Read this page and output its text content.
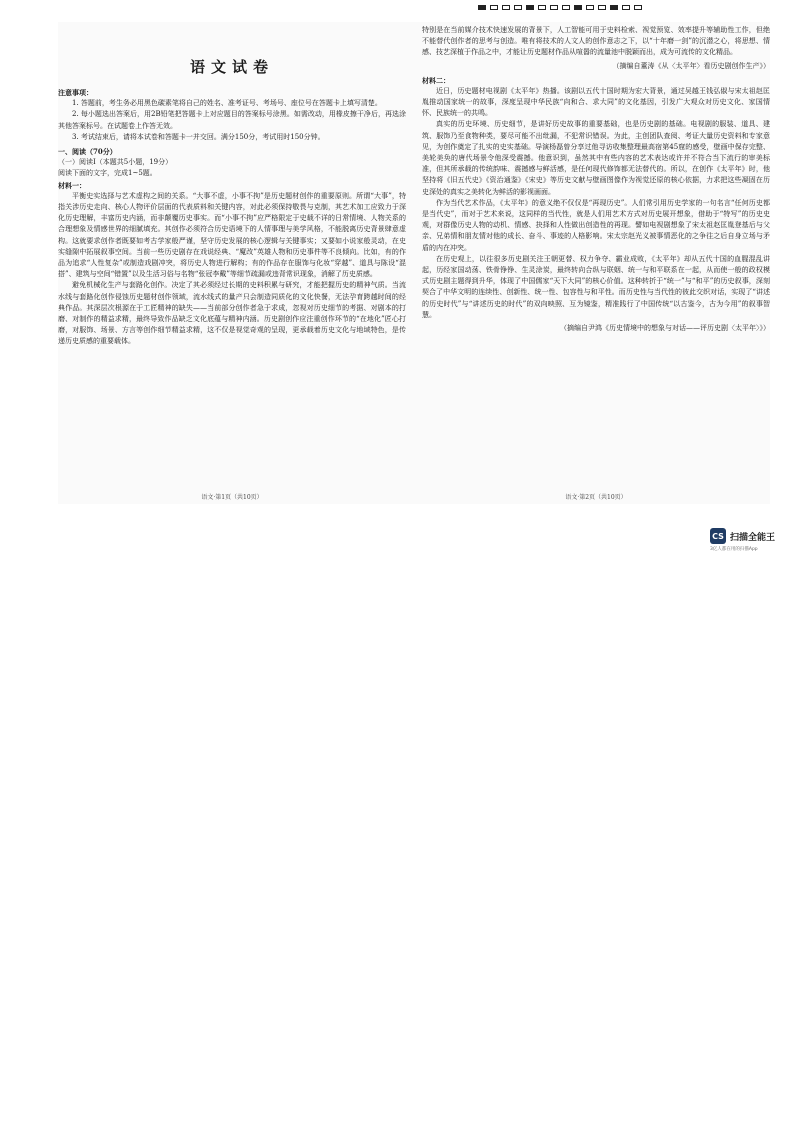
语文试卷

注意事项：

1. 答题前，考生务必用黑色碳素笔将自己的姓名、准考证号、考场号、座位号在答题卡上填写清楚。

2. 每小题选出答案后，用2B铅笔把答题卡上对应题目的答案标号涂黑。如需改动，用橡皮擦干净后，再选涂其他答案标号。在试题卷上作答无效。

3. 考试结束后，请将本试卷和答题卡一并交回。满分150分，考试用时150分钟。

一、阅读（70分）

（一）阅读Ⅰ（本题共5小题，19分）

阅读下面的文字，完成1~5题。

材料一：

平衡史实选择与艺术虚构之间的关系。“大事不虚，小事不拘”是历史题材创作的重要原则。所谓“大事”，特指关涉历史走向、核心人物评价层面的代表质料和关键内容，对此必须保持敬畏与克制，其艺术加工应致力于深化历史理解，丰富历史内涵，而非颠覆历史事实。而“小事不拘”应严格限定于史载不详的日常情境、人物关系的合理想象及情感世界的细腻填充。其创作必须符合历史语境下的人情事理与美学风格，不能脱离历史背景肆意虚构。这就要求创作者既要如考古学家般严谨，坚守历史发展的核心逻辑与关键事实；又要如小说家般灵动，在史实缝隙中拓展叙事空间。当前一些历史剧存在戏说经典、“魔改”英雄人物和历史事件等不良倾向。比如，有的作品为追求“人性复杂”或制造戏剧冲突，将历史人物进行解构；有的作品存在服饰与化妆“穿越”、道具与陈设“混搭”、建筑与空间“错置”以及生活习俗与名物“张冠李戴”等细节疏漏或违背常识现象，消解了历史质感。

避免机械化生产与套路化创作。决定了其必须经过长期的史料积累与研究，才能把握历史的精神气质。当流水线与套路化创作侵蚀历史题材创作领域，流水线式的量产只会制造同质化的文化快餐，无法孕育跨越时间的经典作品。其深层次根源在于工匠精神的缺失——当前部分创作者急于求成，忽视对历史细节的考据、对剧本的打磨、对制作的精益求精，最终导致作品缺乏文化底蕴与精神内涵。历史剧创作应注重创作环节的“在地化”匠心打磨，对服饰、场景、方言等创作细节精益求精，这不仅是视觉奇观的呈现，更承载着历史文化与地域特色，是传递历史质感的重要载体。

语文·第1页（共10页）

特别是在当前媒介技术快速发展的背景下，人工智能可用于史料检索、视觉预览、效率提升等辅助性工作，但绝不能替代创作者的思考与创造。唯有将技术的人文人的创作意志之下，以“十年磨一剑”的沉潜之心，将思想、情感、技艺深植于作品之中，才能让历史题材作品从喧嚣的流量池中脱颖而出，成为可流传的文化精品。

（摘编自董涛《从〈太平年〉看历史剧创作生产》）

材料二：

近日，历史题材电视剧《太平年》热播。该剧以五代十国时期为宏大背景，通过吴越王钱弘俶与宋太祖赵匡胤推动国家统一的故事，深度呈现中华民族“向和合、求大同”的文化基因，引发广大观众对历史文化、家国情怀、民族统一的共鸣。

真实的历史环境、历史细节，是讲好历史故事的重要基础，也是历史剧的基础。电视剧的服装、道具、建筑、服饰乃至食物种类，要尽可能不出纰漏，不犯常识错误。为此，主创团队查阅、考证大量历史资料和专家意见，为创作奠定了扎实的史实基础。导演杨磊曾分享过他寻访收集整理最高宿第45窟的感受，壁画中保存完整、美轮美奂的唐代场景令他深受震撼。他意识到，虽然其中有些内容的艺术表达或许并不符合当下流行的审美标准，但其所承载的传统韵味、震撼感与鲜活感，是任何现代修饰都无法替代的。所以，在创作《太平年》时，他坚持将《旧五代史》《资治通鉴》《宋史》等历史文献与壁画图像作为视觉还原的核心依据，力求把这些凝固在历史深处的真实之美转化为鲜活的影视画面。

作为当代艺术作品，《太平年》的意义绝不仅仅是“再现历史”。人们常引用历史学家的一句名言“任何历史都是当代史”，而对于艺术来说，这同样的当代性，就是人们用艺术方式对历史展开想象，借助于“特写”的历史史观，对群像历史人物的动机、情感、抉择和人性做出创造性的再现。譬如电视剧想象了宋太祖赵匡胤登基后与父亲、兄弟情和朋友情对他的成长、奋斗、事迹的人格影响。宋太宗赵光义被事情恶化的之争往之后自身立场与矛盾的内在冲突。

在历史观上，以往很多历史剧关注王朝更替、权力争夺、霸业成败，《太平年》却从五代十国的血腥混乱讲起，历经家国动荡、铁骨铮铮、生灵涂炭，最终转向合纵与联姻、统一与和平联系在一起，从而使一般的政权模式历史剧主题得到升华，体现了中国儒家“天下大同”的核心价值。这种转折于“统一”与“和平”的历史叙事，深刻契合了中华文明的连续性、创新性、统一性、包容性与和平性。而历史性与当代性的彼此交织对话，实现了“讲述的历史时代”与“讲述历史的时代”的双向映照、互为镜鉴，精准践行了中国传统“以古鉴今，古为今用”的叙事智慧。

（摘编自尹鸿《历史情境中的想象与对话——评历史剧〈太平年〉》）

语文·第2页（共10页）
CS 扫描全能王
3亿人都在用的扫描App
